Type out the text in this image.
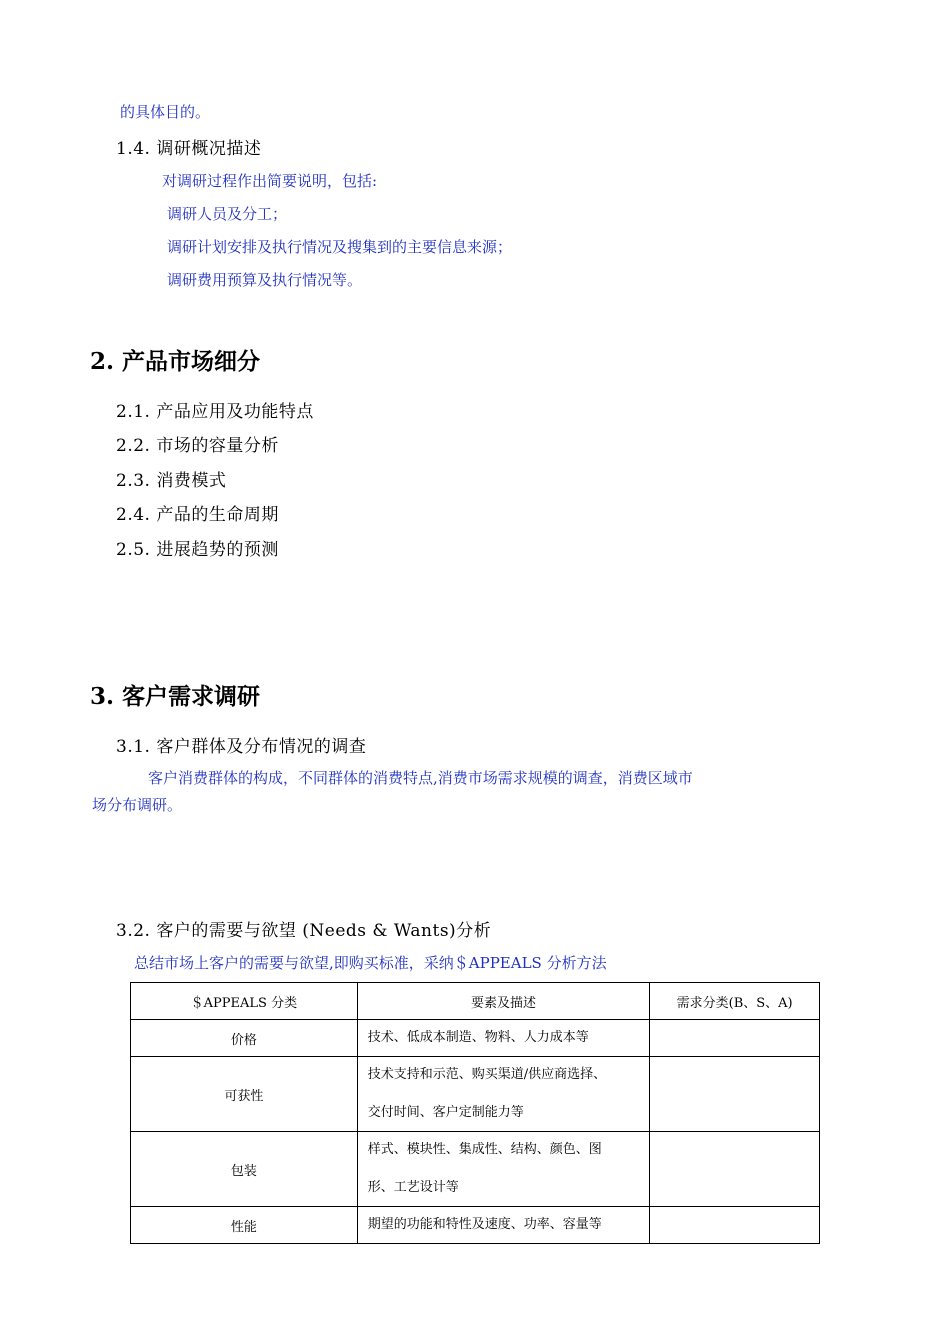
的具体目的。
1.4. 调研概况描述
对调研过程作出简要说明，包括:
调研人员及分工；
调研计划安排及执行情况及搜集到的主要信息来源；
调研费用预算及执行情况等。
2. 产品市场细分
2.1. 产品应用及功能特点
2.2. 市场的容量分析
2.3. 消费模式
2.4. 产品的生命周期
2.5. 进展趋势的预测
3. 客户需求调研
3.1. 客户群体及分布情况的调查
客户消费群体的构成，不同群体的消费特点,消费市场需求规模的调查，消费区域市
场分布调研。
3.2. 客户的需要与欲望 (Needs & Wants)分析
总结市场上客户的需要与欲望,即购买标准，采纳＄APPEALS 分析方法
＄APPEALS 分类	要素及描述	需求分类(B、S、A)
价格	技术、低成本制造、物料、人力成本等	

可获性	技术支持和示范、购买渠道/供应商选择、
交付时间、客户定制能力等	

包装	样式、模块性、集成性、结构、颜色、图
形、工艺设计等	

性能	期望的功能和特性及速度、功率、容量等	
